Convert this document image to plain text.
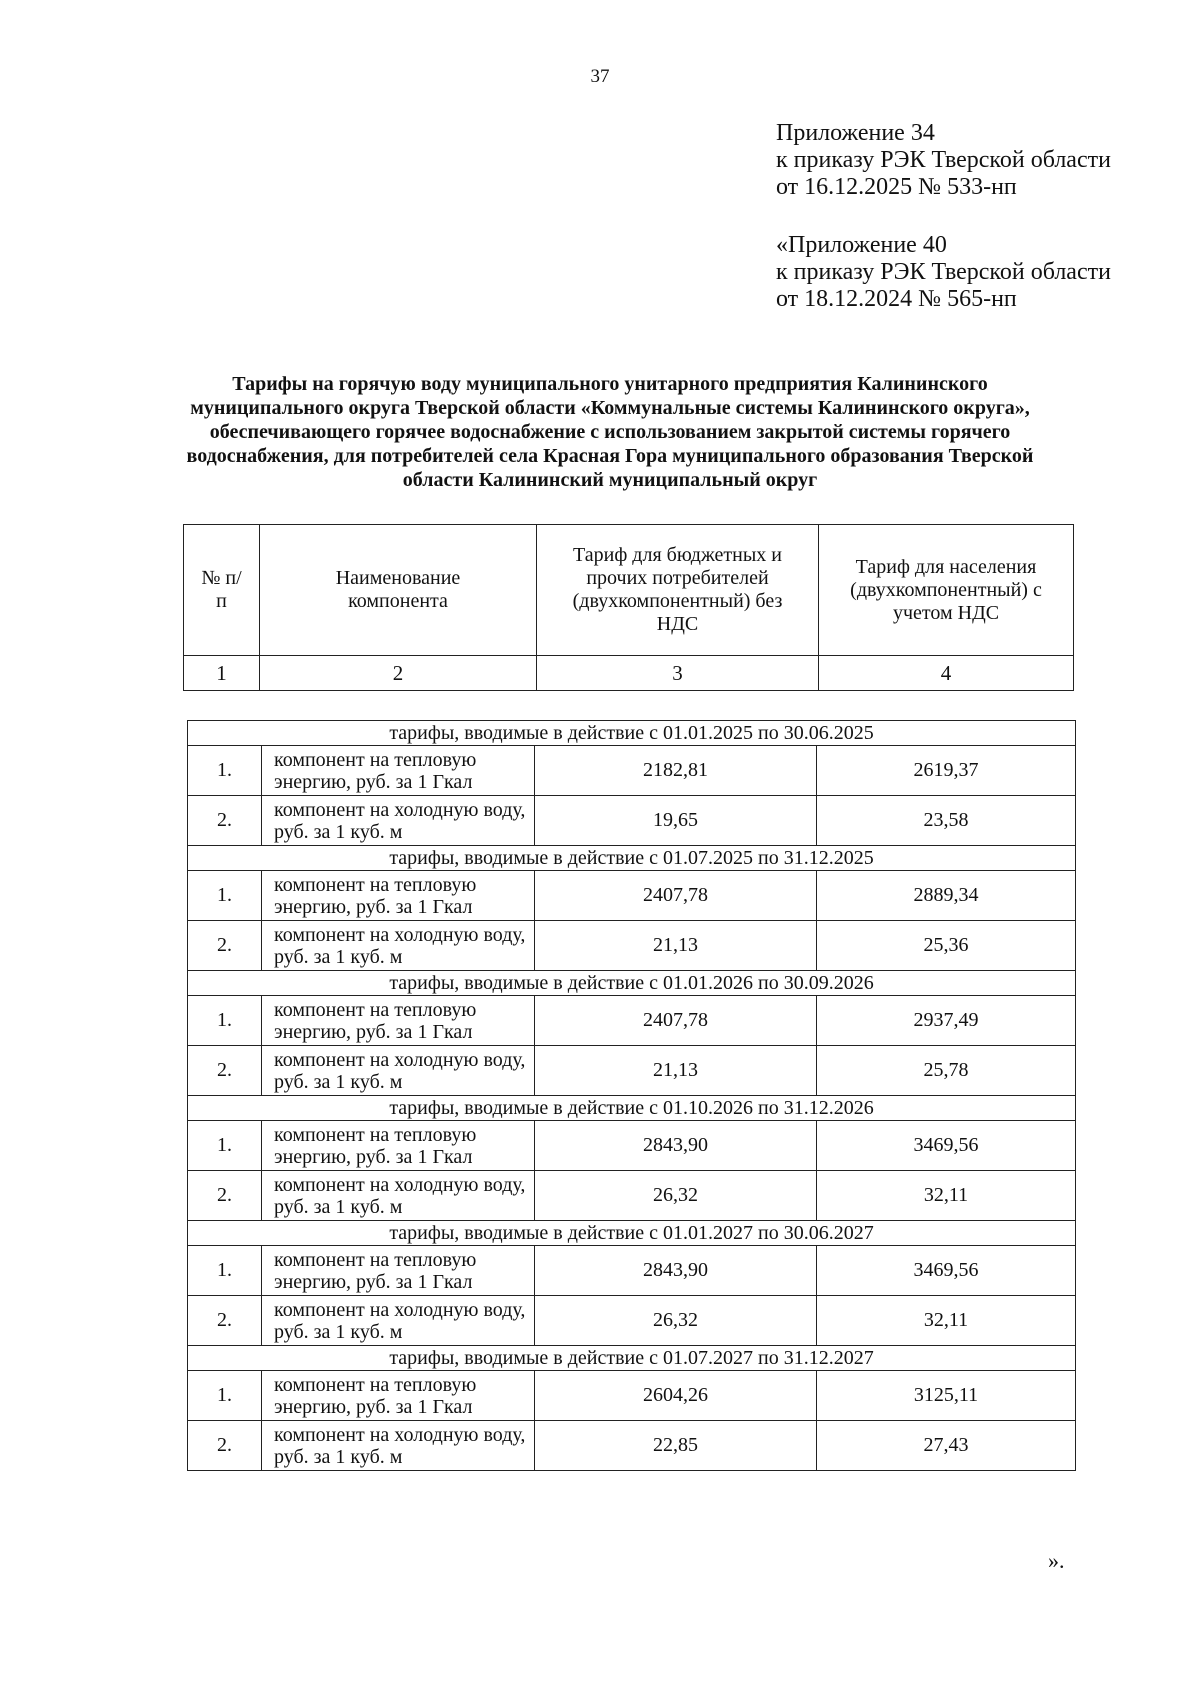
37
Приложение 34
к приказу РЭК Тверской области
от 16.12.2025 № 533-нп
«Приложение 40
к приказу РЭК Тверской области
от 18.12.2024 № 565-нп
Тарифы на горячую воду муниципального унитарного предприятия Калининского муниципального округа Тверской области «Коммунальные системы Калининского округа», обеспечивающего горячее водоснабжение с использованием закрытой системы горячего водоснабжения, для потребителей села Красная Гора муниципального образования Тверской области Калининский муниципальный округ
№ п/п	Наименование компонента	Тариф для бюджетных и прочих потребителей (двухкомпонентный) без НДС	Тариф для населения (двухкомпонентный) с учетом НДС
1	2	3	4
тарифы, вводимые в действие с 01.01.2025 по 30.06.2025			
1.	компонент на тепловую энергию, руб. за 1 Гкал	2182,81	2619,37
2.	компонент на холодную воду, руб. за 1 куб. м	19,65	23,58
тарифы, вводимые в действие с 01.07.2025 по 31.12.2025			
1.	компонент на тепловую энергию, руб. за 1 Гкал	2407,78	2889,34
2.	компонент на холодную воду, руб. за 1 куб. м	21,13	25,36
тарифы, вводимые в действие с 01.01.2026 по 30.09.2026			
1.	компонент на тепловую энергию, руб. за 1 Гкал	2407,78	2937,49
2.	компонент на холодную воду, руб. за 1 куб. м	21,13	25,78
тарифы, вводимые в действие с 01.10.2026 по 31.12.2026			
1.	компонент на тепловую энергию, руб. за 1 Гкал	2843,90	3469,56
2.	компонент на холодную воду, руб. за 1 куб. м	26,32	32,11
тарифы, вводимые в действие с 01.01.2027 по 30.06.2027			
1.	компонент на тепловую энергию, руб. за 1 Гкал	2843,90	3469,56
2.	компонент на холодную воду, руб. за 1 куб. м	26,32	32,11
тарифы, вводимые в действие с 01.07.2027 по 31.12.2027			
1.	компонент на тепловую энергию, руб. за 1 Гкал	2604,26	3125,11
2.	компонент на холодную воду, руб. за 1 куб. м	22,85	27,43
».
